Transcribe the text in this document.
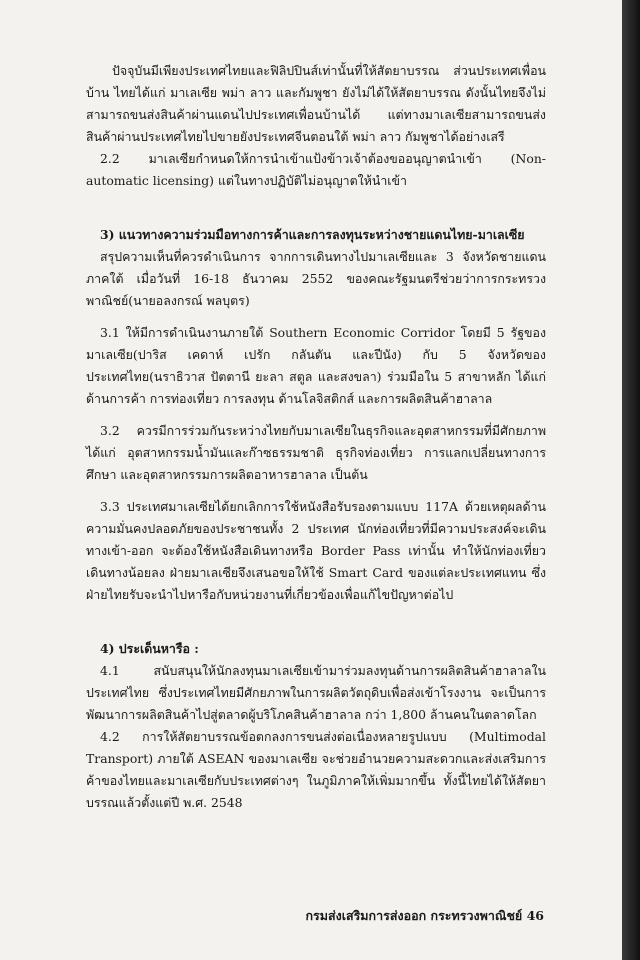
ปัจจุบันมีเพียงประเทศไทยและฟิลิปปินส์เท่านั้นที่ให้สัตยาบรรณ ส่วนประเทศเพื่อนบ้าน ไทยได้แก่ มาเลเซีย พม่า ลาว และกัมพูชา ยังไม่ได้ให้สัตยาบรรณ ดังนั้นไทยจึงไม่สามารถขนส่งสินค้าผ่านแดนไปประเทศเพื่อนบ้านได้ แต่ทางมาเลเซียสามารถขนส่งสินค้าผ่านประเทศไทยไปขายยังประเทศจีนตอนใต้ พม่า ลาว กัมพูชาได้อย่างเสรี

2.2 มาเลเซียกำหนดให้การนำเข้าแป้งข้าวเจ้าต้องขออนุญาตนำเข้า (Non-automatic licensing) แต่ในทางปฏิบัติไม่อนุญาตให้นำเข้า

3) แนวทางความร่วมมือทางการค้าและการลงทุนระหว่างชายแดนไทย-มาเลเซีย

สรุปความเห็นที่ควรดำเนินการ จากการเดินทางไปมาเลเซียและ 3 จังหวัดชายแดนภาคใต้ เมื่อวันที่ 16-18 ธันวาคม 2552 ของคณะรัฐมนตรีช่วยว่าการกระทรวงพาณิชย์(นายอลงกรณ์ พลบุตร)

3.1 ให้มีการดำเนินงานภายใต้ Southern Economic Corridor โดยมี 5 รัฐของมาเลเซีย(ปาริส เคดาห์ เปรัก กลันตัน และปีนัง) กับ 5 จังหวัดของประเทศไทย(นราธิวาส ปัตตานี ยะลา สตูล และสงขลา) ร่วมมือใน 5 สาขาหลัก ได้แก่ ด้านการค้า การท่องเที่ยว การลงทุน ด้านโลจิสติกส์ และการผลิตสินค้าฮาลาล

3.2 ควรมีการร่วมกันระหว่างไทยกับมาเลเซียในธุรกิจและอุตสาหกรรมที่มีศักยภาพ ได้แก่ อุตสาหกรรมน้ำมันและก๊าซธรรมชาติ ธุรกิจท่องเที่ยว การแลกเปลี่ยนทางการศึกษา และอุตสาหกรรมการผลิตอาหารฮาลาล เป็นต้น

3.3 ประเทศมาเลเซียได้ยกเลิกการใช้หนังสือรับรองตามแบบ 117A ด้วยเหตุผลด้านความมั่นคงปลอดภัยของประชาชนทั้ง 2 ประเทศ นักท่องเที่ยวที่มีความประสงค์จะเดินทางเข้า-ออก จะต้องใช้หนังสือเดินทางหรือ Border Pass เท่านั้น ทำให้นักท่องเที่ยวเดินทางน้อยลง ฝ่ายมาเลเซียจึงเสนอขอให้ใช้ Smart Card ของแต่ละประเทศแทน ซึ่งฝ่ายไทยรับจะนำไปหารือกับหน่วยงานที่เกี่ยวข้องเพื่อแก้ไขปัญหาต่อไป

4) ประเด็นหารือ :

4.1 สนับสนุนให้นักลงทุนมาเลเซียเข้ามาร่วมลงทุนด้านการผลิตสินค้าฮาลาลในประเทศไทย ซึ่งประเทศไทยมีศักยภาพในการผลิตวัตถุดิบเพื่อส่งเข้าโรงงาน จะเป็นการพัฒนาการผลิตสินค้าไปสู่ตลาดผู้บริโภคสินค้าฮาลาล กว่า 1,800 ล้านคนในตลาดโลก

4.2 การให้สัตยาบรรณข้อตกลงการขนส่งต่อเนื่องหลายรูปแบบ (Multimodal Transport) ภายใต้ ASEAN ของมาเลเซีย จะช่วยอำนวยความสะดวกและส่งเสริมการค้าของไทยและมาเลเซียกับประเทศต่างๆ ในภูมิภาคให้เพิ่มมากขึ้น ทั้งนี้ไทยได้ให้สัตยาบรรณแล้วตั้งแต่ปี พ.ศ. 2548

กรมส่งเสริมการส่งออก กระทรวงพาณิชย์ 46
